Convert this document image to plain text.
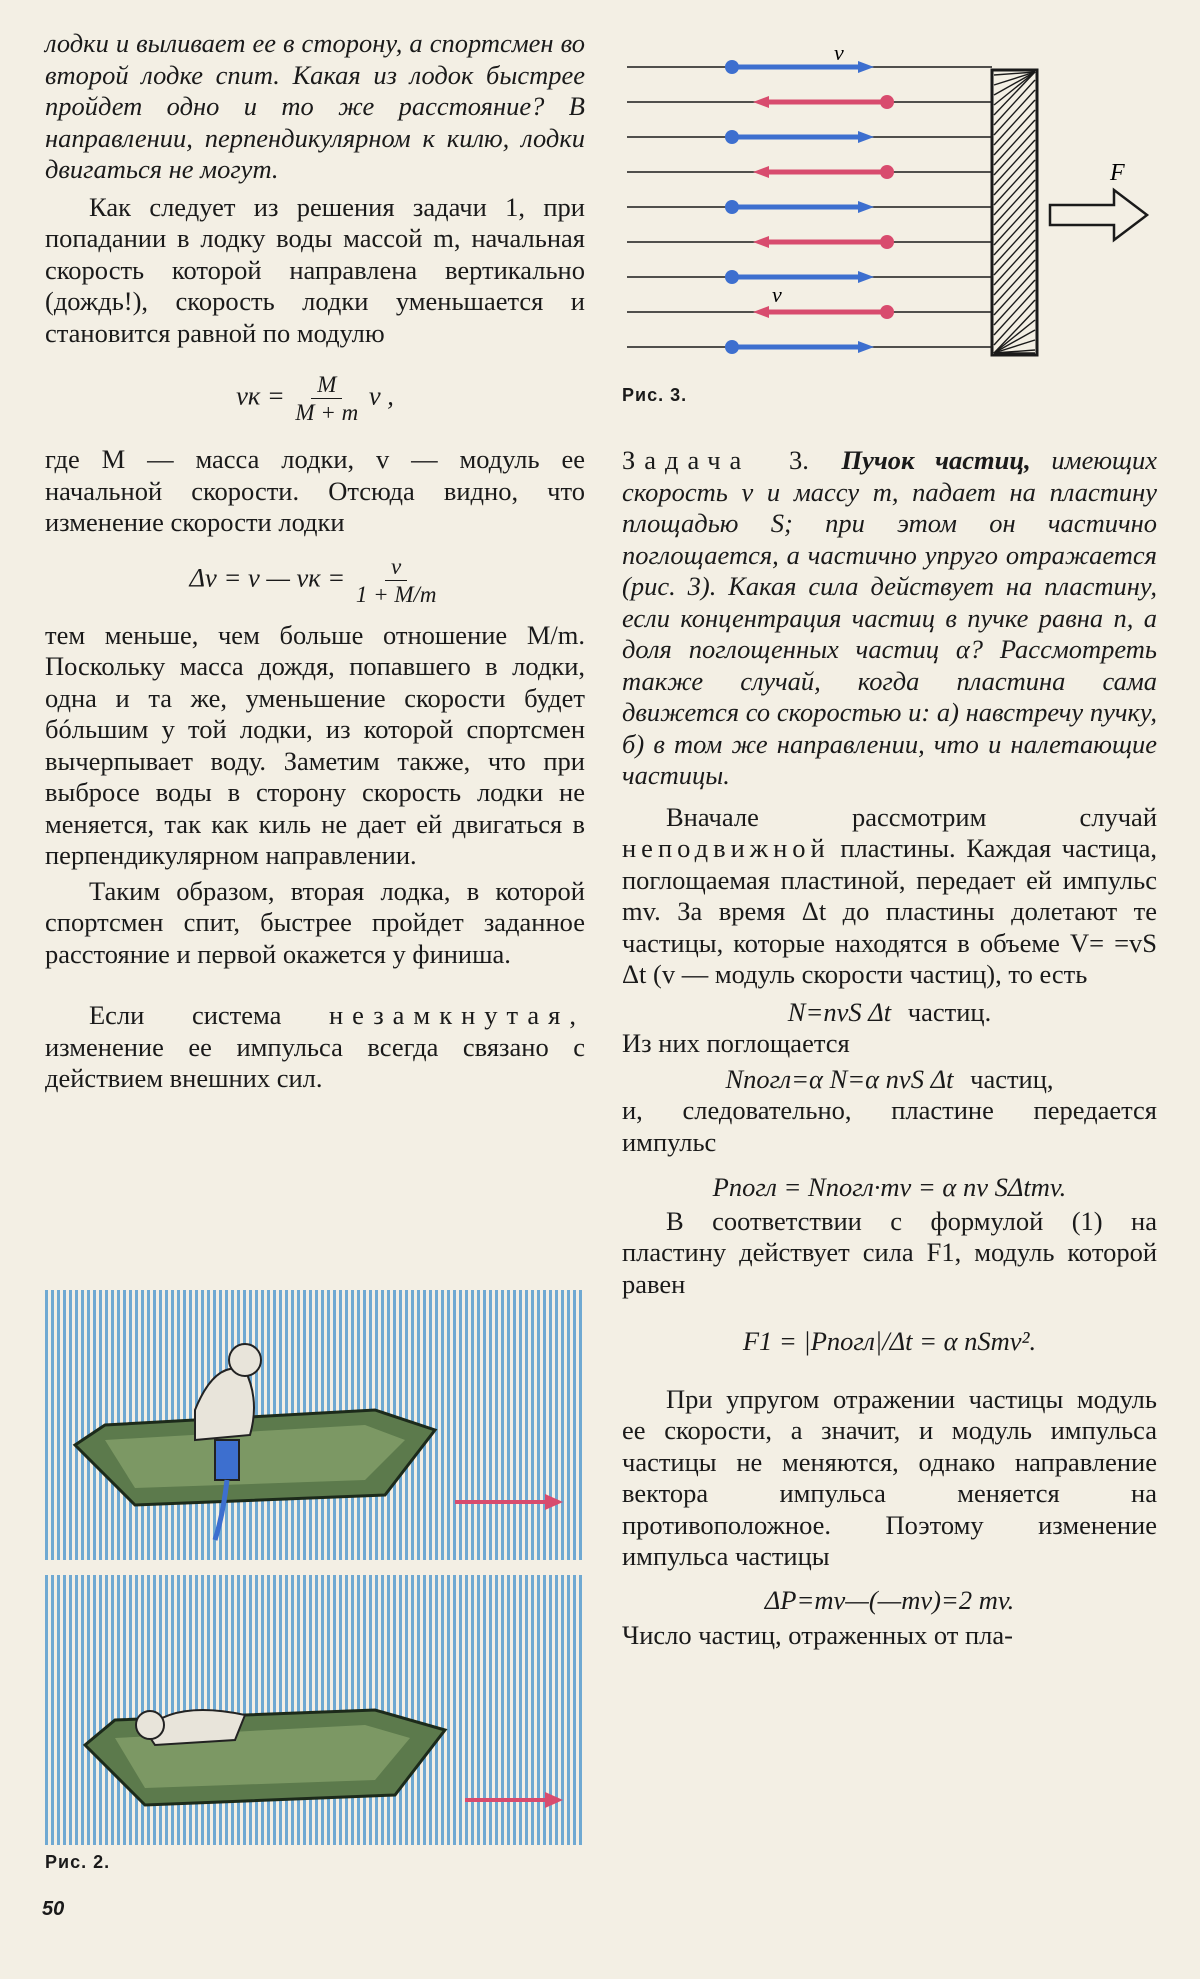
лодки и выливает ее в сторону, а спортсмен во второй лодке спит. Какая из лодок быстрее пройдет одно и то же расстояние? В направлении, перпендикулярном к килю, лодки двигаться не могут.

Как следует из решения задачи 1, при попадании в лодку воды массой m, начальная скорость которой направлена вертикально (дождь!), скорость лодки уменьшается и становится равной по модулю

vк = $\frac{M}{M + m}$ v ,

где M — масса лодки, v — модуль ее начальной скорости. Отсюда видно, что изменение скорости лодки

Δv = v — vк = $\frac{v}{1 + M/m}$

тем меньше, чем больше отношение M/m. Поскольку масса дождя, попавшего в лодки, одна и та же, уменьшение скорости будет бóльшим у той лодки, из которой спортсмен вычерпывает воду. Заметим также, что при выбросе воды в сторону скорость лодки не меняется, так как киль не дает ей двигаться в перпендикулярном направлении.

Таким образом, вторая лодка, в которой спортсмен спит, быстрее пройдет заданное расстояние и первой окажется у финиша.

Если система незамкнутая, изменение ее импульса всегда связано с действием внешних сил.

Рис. 2.
F
v
v
Рис. 3.

Задача 3. Пучок частиц, имеющих скорость v и массу m, падает на пластину площадью S; при этом он частично поглощается, а частично упруго отражается (рис. 3). Какая сила действует на пластину, если концентрация частиц в пучке равна n, а доля поглощенных частиц α? Рассмотреть также случай, когда пластина сама движется со скоростью u: а) навстречу пучку, б) в том же направлении, что и налетающие частицы.

Вначале рассмотрим случай неподвижной пластины. Каждая частица, поглощаемая пластиной, передает ей импульс mv. За время Δt до пластины долетают те частицы, которые находятся в объеме V= =vS Δt (v — модуль скорости частиц), то есть

N=nvS Δt частиц.

Из них поглощается

Nпогл=α N=α nvS Δt частиц,

и, следовательно, пластине передается импульс

Pпогл = Nпогл·mv = α nv SΔtmv.

В соответствии с формулой (1) на пластину действует сила F1, модуль которой равен

F1 = |Pпогл|/Δt = α nSmv².

При упругом отражении частицы модуль ее скорости, а значит, и модуль импульса частицы не меняются, однако направление вектора импульса меняется на противоположное. Поэтому изменение импульса частицы

ΔP=mv—(—mv)=2 mv.

Число частиц, отраженных от пла-

50
